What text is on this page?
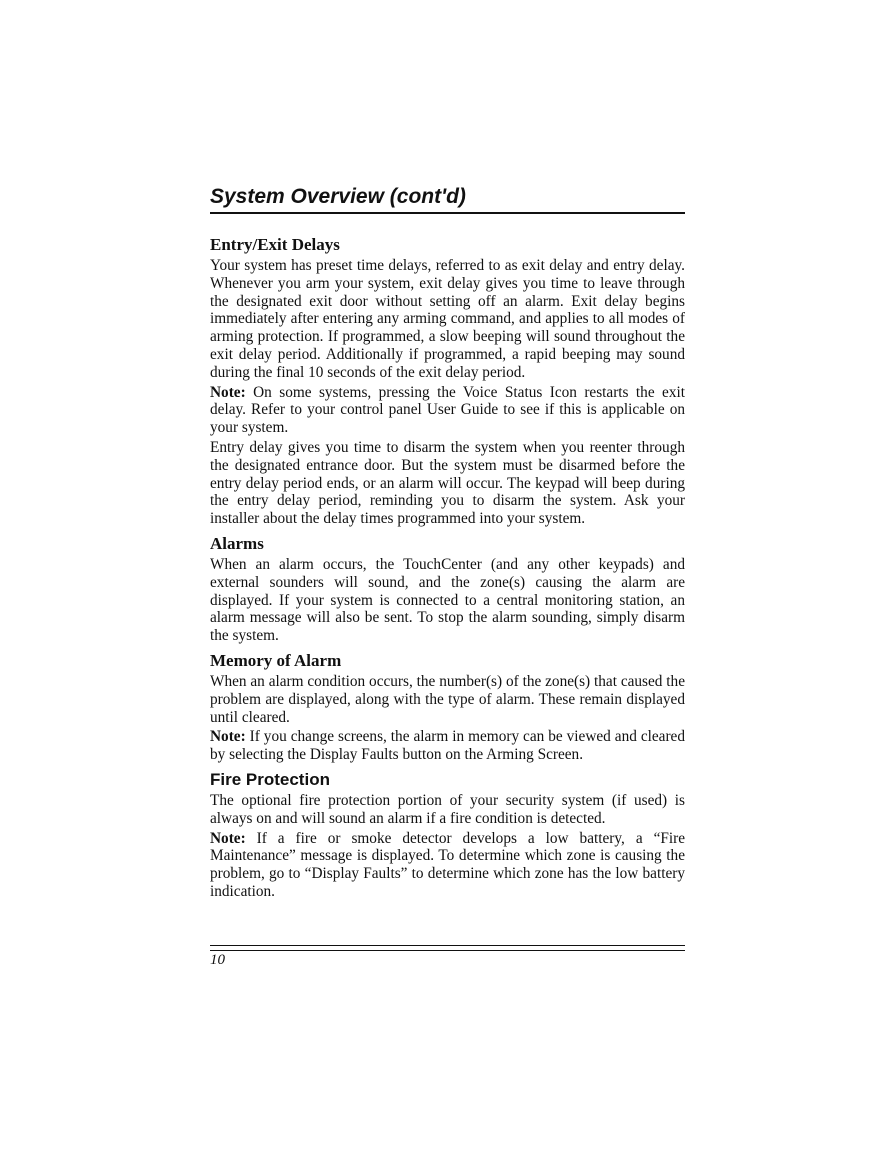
System Overview (cont'd)
Entry/Exit Delays

Your system has preset time delays, referred to as exit delay and entry delay. Whenever you arm your system, exit delay gives you time to leave through the designated exit door without setting off an alarm. Exit delay begins immediately after entering any arming command, and applies to all modes of arming protection. If programmed, a slow beeping will sound throughout the exit delay period. Additionally if programmed, a rapid beeping may sound during the final 10 seconds of the exit delay period.

Note: On some systems, pressing the Voice Status Icon restarts the exit delay. Refer to your control panel User Guide to see if this is applicable on your system.

Entry delay gives you time to disarm the system when you reenter through the designated entrance door. But the system must be disarmed before the entry delay period ends, or an alarm will occur. The keypad will beep during the entry delay period, reminding you to disarm the system. Ask your installer about the delay times programmed into your system.

Alarms

When an alarm occurs, the TouchCenter (and any other keypads) and external sounders will sound, and the zone(s) causing the alarm are displayed. If your system is connected to a central monitoring station, an alarm message will also be sent. To stop the alarm sounding, simply disarm the system.

Memory of Alarm

When an alarm condition occurs, the number(s) of the zone(s) that caused the problem are displayed, along with the type of alarm. These remain displayed until cleared.

Note: If you change screens, the alarm in memory can be viewed and cleared by selecting the Display Faults button on the Arming Screen.

Fire Protection

The optional fire protection portion of your security system (if used) is always on and will sound an alarm if a fire condition is detected.

Note: If a fire or smoke detector develops a low battery, a “Fire Maintenance” message is displayed. To determine which zone is causing the problem, go to “Display Faults” to determine which zone has the low battery indication.

10
